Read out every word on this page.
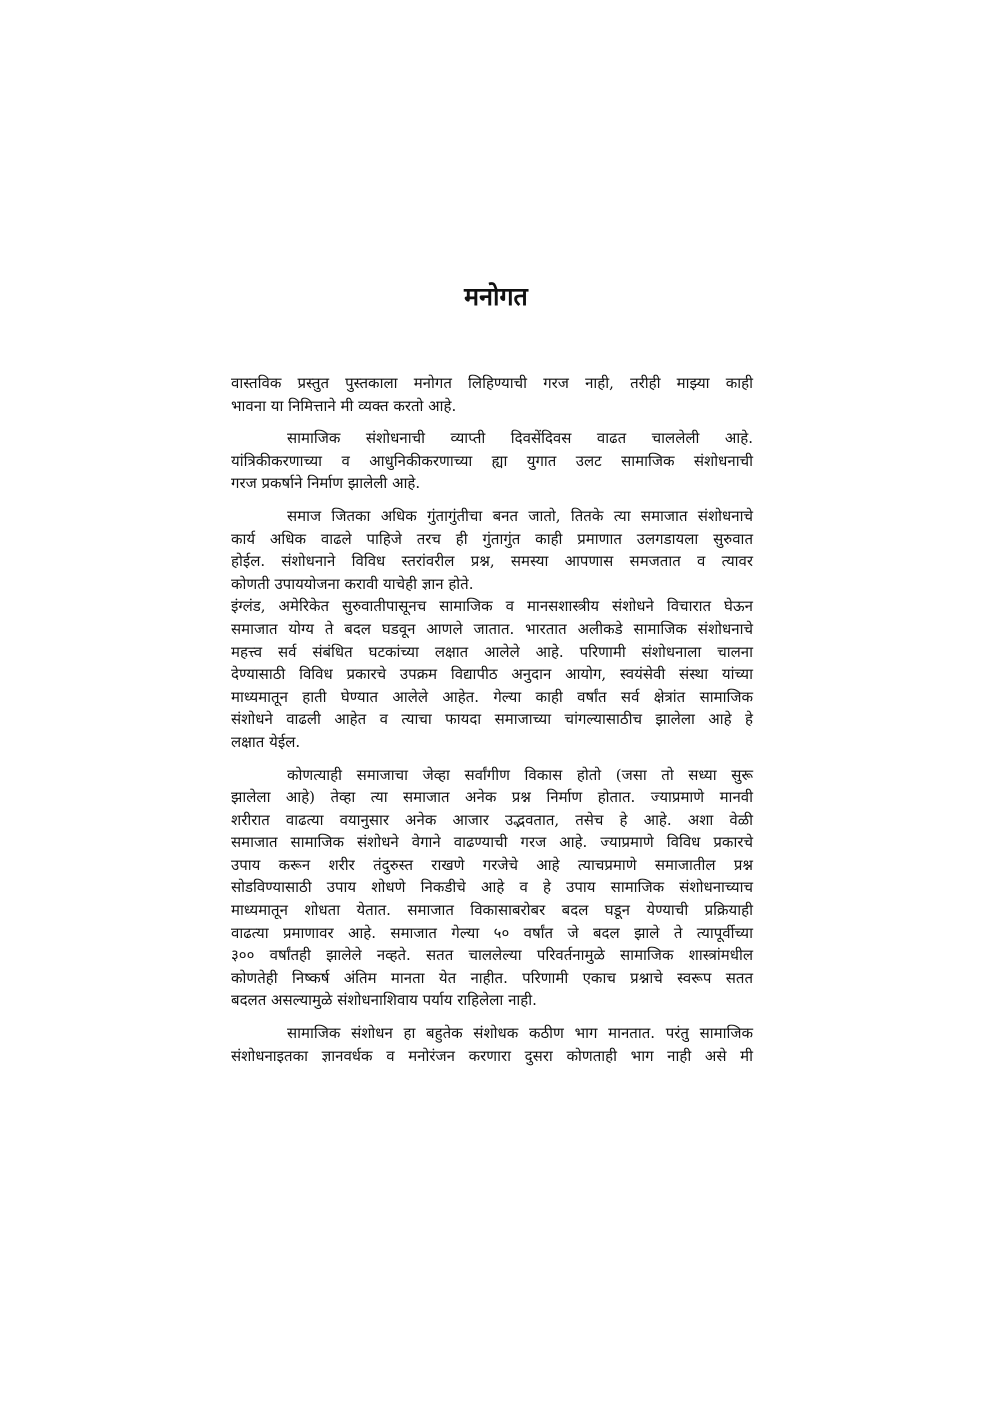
मनोगत
वास्तविक प्रस्तुत पुस्तकाला मनोगत लिहिण्याची गरज नाही, तरीही माझ्या काही
भावना या निमित्ताने मी व्यक्त करतो आहे.
सामाजिक संशोधनाची व्याप्ती दिवसेंदिवस वाढत चाललेली आहे.
यांत्रिकीकरणाच्या व आधुनिकीकरणाच्या ह्या युगात उलट सामाजिक संशोधनाची
गरज प्रकर्षाने निर्माण झालेली आहे.
समाज जितका अधिक गुंतागुंतीचा बनत जातो, तितके त्या समाजात संशोधनाचे
कार्य अधिक वाढले पाहिजे तरच ही गुंतागुंत काही प्रमाणात उलगडायला सुरुवात
होईल. संशोधनाने विविध स्तरांवरील प्रश्न, समस्या आपणास समजतात व त्यावर
कोणती उपाययोजना करावी याचेही ज्ञान होते.
इंग्लंड, अमेरिकेत सुरुवातीपासूनच सामाजिक व मानसशास्त्रीय संशोधने विचारात घेऊन
समाजात योग्य ते बदल घडवून आणले जातात. भारतात अलीकडे सामाजिक संशोधनाचे
महत्त्व सर्व संबंधित घटकांच्या लक्षात आलेले आहे. परिणामी संशोधनाला चालना
देण्यासाठी विविध प्रकारचे उपक्रम विद्यापीठ अनुदान आयोग, स्वयंसेवी संस्था यांच्या
माध्यमातून हाती घेण्यात आलेले आहेत. गेल्या काही वर्षांत सर्व क्षेत्रांत सामाजिक
संशोधने वाढली आहेत व त्याचा फायदा समाजाच्या चांगल्यासाठीच झालेला आहे हे
लक्षात येईल.
कोणत्याही समाजाचा जेव्हा सर्वांगीण विकास होतो (जसा तो सध्या सुरू
झालेला आहे) तेव्हा त्या समाजात अनेक प्रश्न निर्माण होतात. ज्याप्रमाणे मानवी
शरीरात वाढत्या वयानुसार अनेक आजार उद्भवतात, तसेच हे आहे. अशा वेळी
समाजात सामाजिक संशोधने वेगाने वाढण्याची गरज आहे. ज्याप्रमाणे विविध प्रकारचे
उपाय करून शरीर तंदुरुस्त राखणे गरजेचे आहे त्याचप्रमाणे समाजातील प्रश्न
सोडविण्यासाठी उपाय शोधणे निकडीचे आहे व हे उपाय सामाजिक संशोधनाच्याच
माध्यमातून शोधता येतात. समाजात विकासाबरोबर बदल घडून येण्याची प्रक्रियाही
वाढत्या प्रमाणावर आहे. समाजात गेल्या ५० वर्षांत जे बदल झाले ते त्यापूर्वीच्या
३०० वर्षांतही झालेले नव्हते. सतत चाललेल्या परिवर्तनामुळे सामाजिक शास्त्रांमधील
कोणतेही निष्कर्ष अंतिम मानता येत नाहीत. परिणामी एकाच प्रश्नाचे स्वरूप सतत
बदलत असल्यामुळे संशोधनाशिवाय पर्याय राहिलेला नाही.
सामाजिक संशोधन हा बहुतेक संशोधक कठीण भाग मानतात. परंतु सामाजिक
संशोधनाइतका ज्ञानवर्धक व मनोरंजन करणारा दुसरा कोणताही भाग नाही असे मी
